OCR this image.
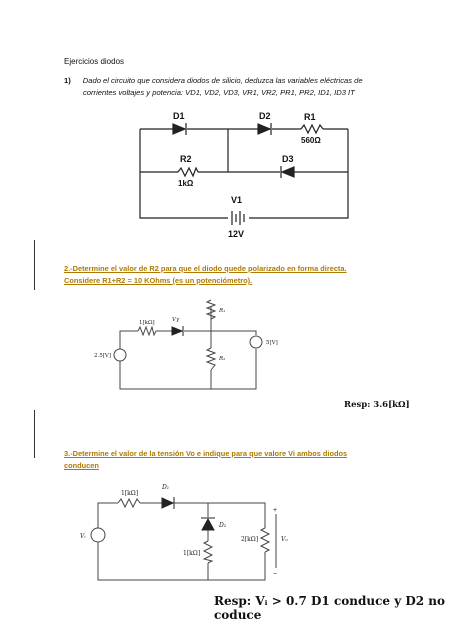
Ejercicios diodos
1) Dado el circuito que considera diodos de silicio, deduzca las variables eléctricas de
corrientes voltajes y potencia: VD1, VD2, VD3, VR1, VR2, PR1, PR2, ID1, ID3 IT
D1	D2	R1
560Ω
R2
1kΩ
D3
V1
12V
2.-Determine el valor de R2 para que el diodo quede polarizado en forma directa.
Considere R1+R2 = 10 KOhms (es un potenciómetro).
1[kΩ]	Vγ
R₁
R₂
2.5[V]
5[V]
Resp: 3.6[kΩ]
3.-Determine el valor de la tensión Vo e indique para que valore Vi ambos diodos
conducen
1[kΩ]
D₁
D₂
1[kΩ]
2[kΩ]
Vᵢ	Vₒ
+
−
Resp: Vᵢ > 0.7 D1 conduce y D2 no coduce
